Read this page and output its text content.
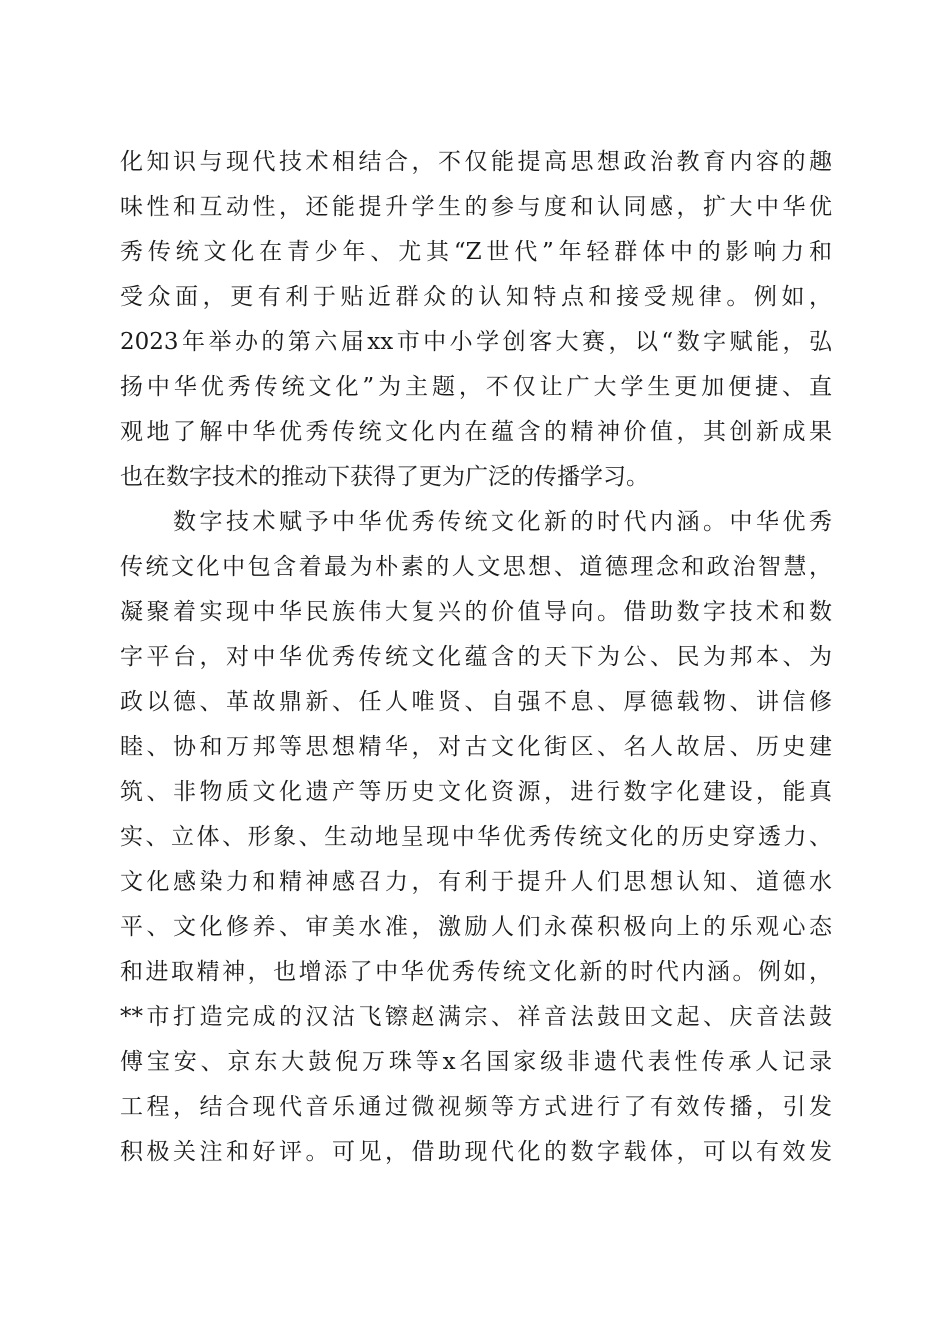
化知识与现代技术相结合，不仅能提高思想政治教育内容的趣
味性和互动性，还能提升学生的参与度和认同感，扩大中华优
秀传统文化在青少年、尤其“Z世代”年轻群体中的影响力和
受众面，更有利于贴近群众的认知特点和接受规律。例如，
2023年举办的第六届xx市中小学创客大赛，以“数字赋能，弘
扬中华优秀传统文化”为主题，不仅让广大学生更加便捷、直
观地了解中华优秀传统文化内在蕴含的精神价值，其创新成果
也在数字技术的推动下获得了更为广泛的传播学习。
　　数字技术赋予中华优秀传统文化新的时代内涵。中华优秀
传统文化中包含着最为朴素的人文思想、道德理念和政治智慧，
凝聚着实现中华民族伟大复兴的价值导向。借助数字技术和数
字平台，对中华优秀传统文化蕴含的天下为公、民为邦本、为
政以德、革故鼎新、任人唯贤、自强不息、厚德载物、讲信修
睦、协和万邦等思想精华，对古文化街区、名人故居、历史建
筑、非物质文化遗产等历史文化资源，进行数字化建设，能真
实、立体、形象、生动地呈现中华优秀传统文化的历史穿透力、
文化感染力和精神感召力，有利于提升人们思想认知、道德水
平、文化修养、审美水准，激励人们永葆积极向上的乐观心态
和进取精神，也增添了中华优秀传统文化新的时代内涵。例如，
**市打造完成的汉沽飞镲赵满宗、祥音法鼓田文起、庆音法鼓
傅宝安、京东大鼓倪万珠等x名国家级非遗代表性传承人记录
工程，结合现代音乐通过微视频等方式进行了有效传播，引发
积极关注和好评。可见，借助现代化的数字载体，可以有效发
